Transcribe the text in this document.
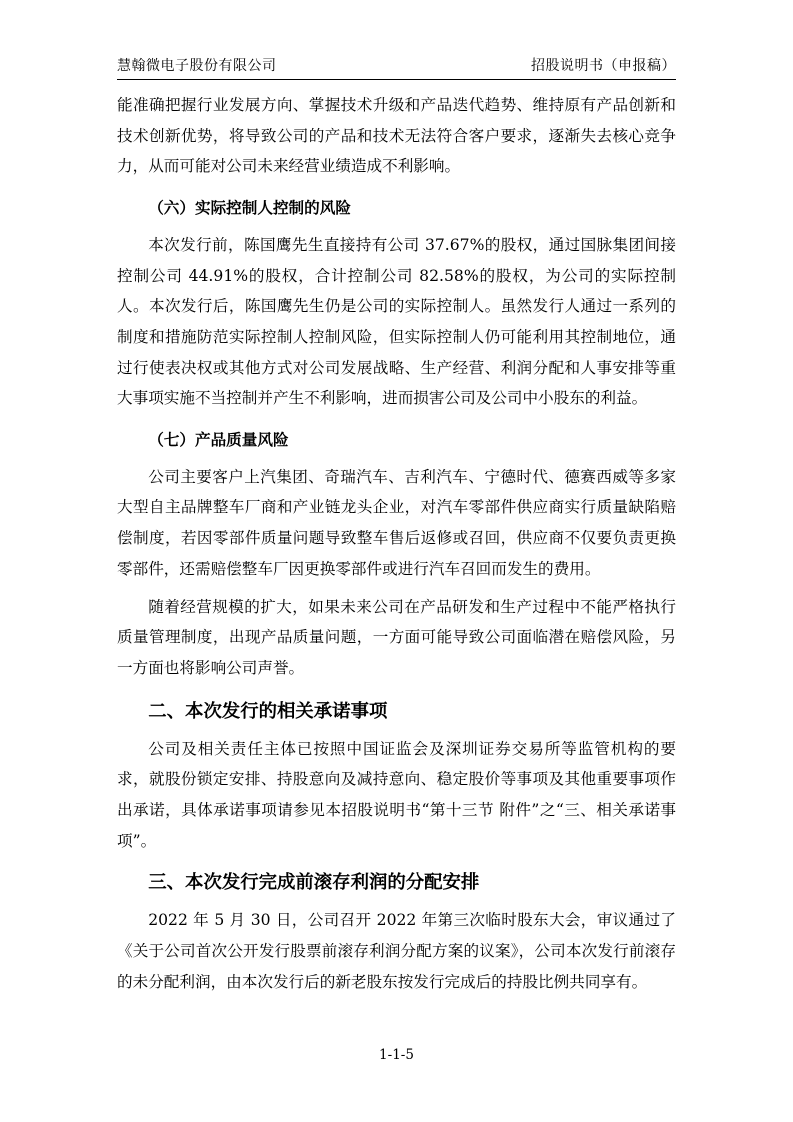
慧翰微电子股份有限公司	招股说明书（申报稿）

能准确把握行业发展方向、掌握技术升级和产品迭代趋势、维持原有产品创新和技术创新优势，将导致公司的产品和技术无法符合客户要求，逐渐失去核心竞争力，从而可能对公司未来经营业绩造成不利影响。

（六）实际控制人控制的风险

本次发行前，陈国鹰先生直接持有公司 37.67%的股权，通过国脉集团间接控制公司 44.91%的股权，合计控制公司 82.58%的股权，为公司的实际控制人。本次发行后，陈国鹰先生仍是公司的实际控制人。虽然发行人通过一系列的制度和措施防范实际控制人控制风险，但实际控制人仍可能利用其控制地位，通过行使表决权或其他方式对公司发展战略、生产经营、利润分配和人事安排等重大事项实施不当控制并产生不利影响，进而损害公司及公司中小股东的利益。

（七）产品质量风险

公司主要客户上汽集团、奇瑞汽车、吉利汽车、宁德时代、德赛西威等多家大型自主品牌整车厂商和产业链龙头企业，对汽车零部件供应商实行质量缺陷赔偿制度，若因零部件质量问题导致整车售后返修或召回，供应商不仅要负责更换零部件，还需赔偿整车厂因更换零部件或进行汽车召回而发生的费用。

随着经营规模的扩大，如果未来公司在产品研发和生产过程中不能严格执行质量管理制度，出现产品质量问题，一方面可能导致公司面临潜在赔偿风险，另一方面也将影响公司声誉。

二、本次发行的相关承诺事项

公司及相关责任主体已按照中国证监会及深圳证券交易所等监管机构的要求，就股份锁定安排、持股意向及减持意向、稳定股价等事项及其他重要事项作出承诺，具体承诺事项请参见本招股说明书“第十三节 附件”之“三、相关承诺事项”。

三、本次发行完成前滚存利润的分配安排

2022 年 5 月 30 日，公司召开 2022 年第三次临时股东大会，审议通过了《关于公司首次公开发行股票前滚存利润分配方案的议案》，公司本次发行前滚存的未分配利润，由本次发行后的新老股东按发行完成后的持股比例共同享有。

1-1-5
